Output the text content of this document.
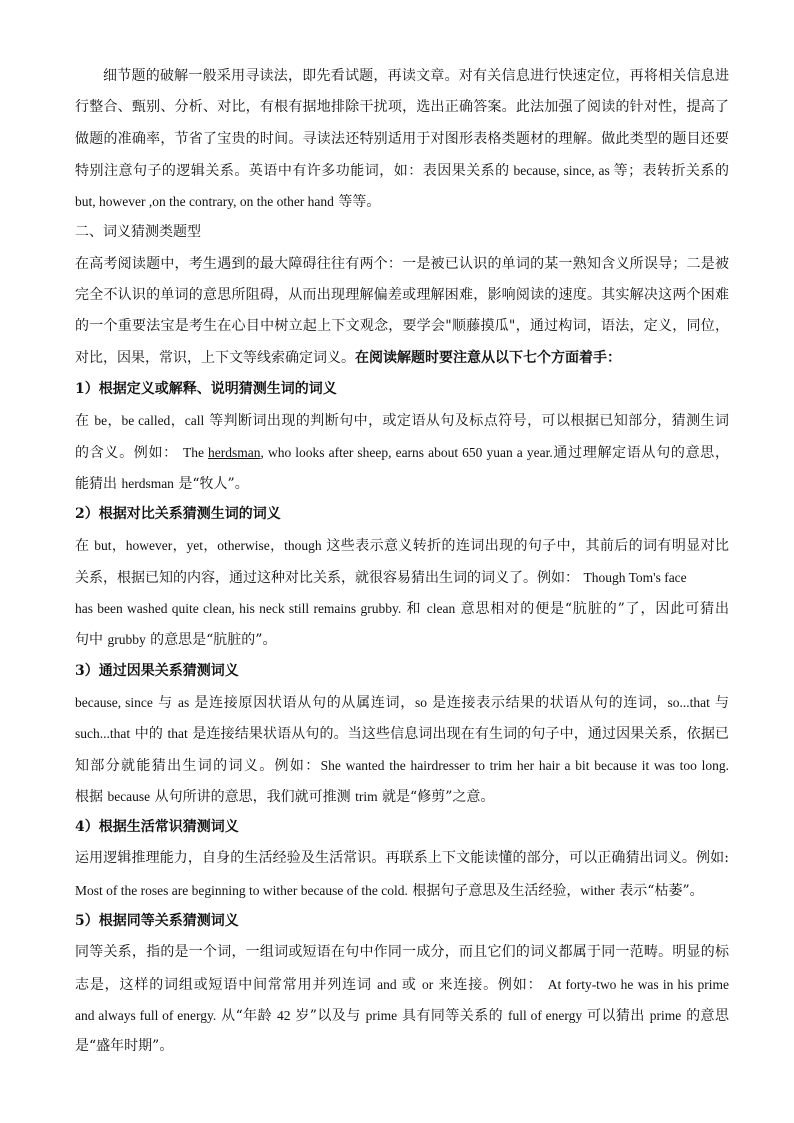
细节题的破解一般采用寻读法，即先看试题，再读文章。对有关信息进行快速定位，再将相关信息进
行整合、甄别、分析、对比，有根有据地排除干扰项，选出正确答案。此法加强了阅读的针对性，提高了
做题的准确率，节省了宝贵的时间。寻读法还特别适用于对图形表格类题材的理解。做此类型的题目还要
特别注意句子的逻辑关系。英语中有许多功能词，如：表因果关系的 because, since, as 等；表转折关系的
but, however ,on the contrary, on the other hand 等等。
二、词义猜测类题型
在高考阅读题中，考生遇到的最大障碍往往有两个：一是被已认识的单词的某一熟知含义所误导；二是被
完全不认识的单词的意思所阻碍，从而出现理解偏差或理解困难，影响阅读的速度。其实解决这两个困难
的一个重要法宝是考生在心目中树立起上下文观念，要学会"顺藤摸瓜"，通过构词，语法，定义，同位，
对比，因果，常识，上下文等线索确定词义。在阅读解题时要注意从以下七个方面着手：
1）根据定义或解释、说明猜测生词的词义
在 be，be called，call 等判断词出现的判断句中，或定语从句及标点符号，可以根据已知部分，猜测生词
的含义。例如： The herdsman, who looks after sheep, earns about 650 yuan a year.通过理解定语从句的意思，
能猜出 herdsman 是“牧人”。
2）根据对比关系猜测生词的词义
在 but，however，yet，otherwise，though 这些表示意义转折的连词出现的句子中，其前后的词有明显对比
关系，根据已知的内容，通过这种对比关系，就很容易猜出生词的词义了。例如： Though Tom's face
has been washed quite clean, his neck still remains grubby. 和 clean 意思相对的便是“肮脏的”了，因此可猜出
句中 grubby 的意思是“肮脏的”。
3）通过因果关系猜测词义
because, since 与 as 是连接原因状语从句的从属连词，so 是连接表示结果的状语从句的连词，so...that 与
such...that 中的 that 是连接结果状语从句的。当这些信息词出现在有生词的句子中，通过因果关系，依据已
知部分就能猜出生词的词义。例如：She wanted the hairdresser to trim her hair a bit because it was too long.
根据 because 从句所讲的意思，我们就可推测 trim 就是“修剪”之意。
4）根据生活常识猜测词义
运用逻辑推理能力，自身的生活经验及生活常识。再联系上下文能读懂的部分，可以正确猜出词义。例如:
Most of the roses are beginning to wither because of the cold. 根据句子意思及生活经验，wither 表示“枯萎”。
5）根据同等关系猜测词义
同等关系，指的是一个词，一组词或短语在句中作同一成分，而且它们的词义都属于同一范畴。明显的标
志是，这样的词组或短语中间常常用并列连词 and 或 or 来连接。例如： At forty-two he was in his prime
and always full of energy. 从“年龄 42 岁”以及与 prime 具有同等关系的 full of energy 可以猜出 prime 的意思
是“盛年时期”。
